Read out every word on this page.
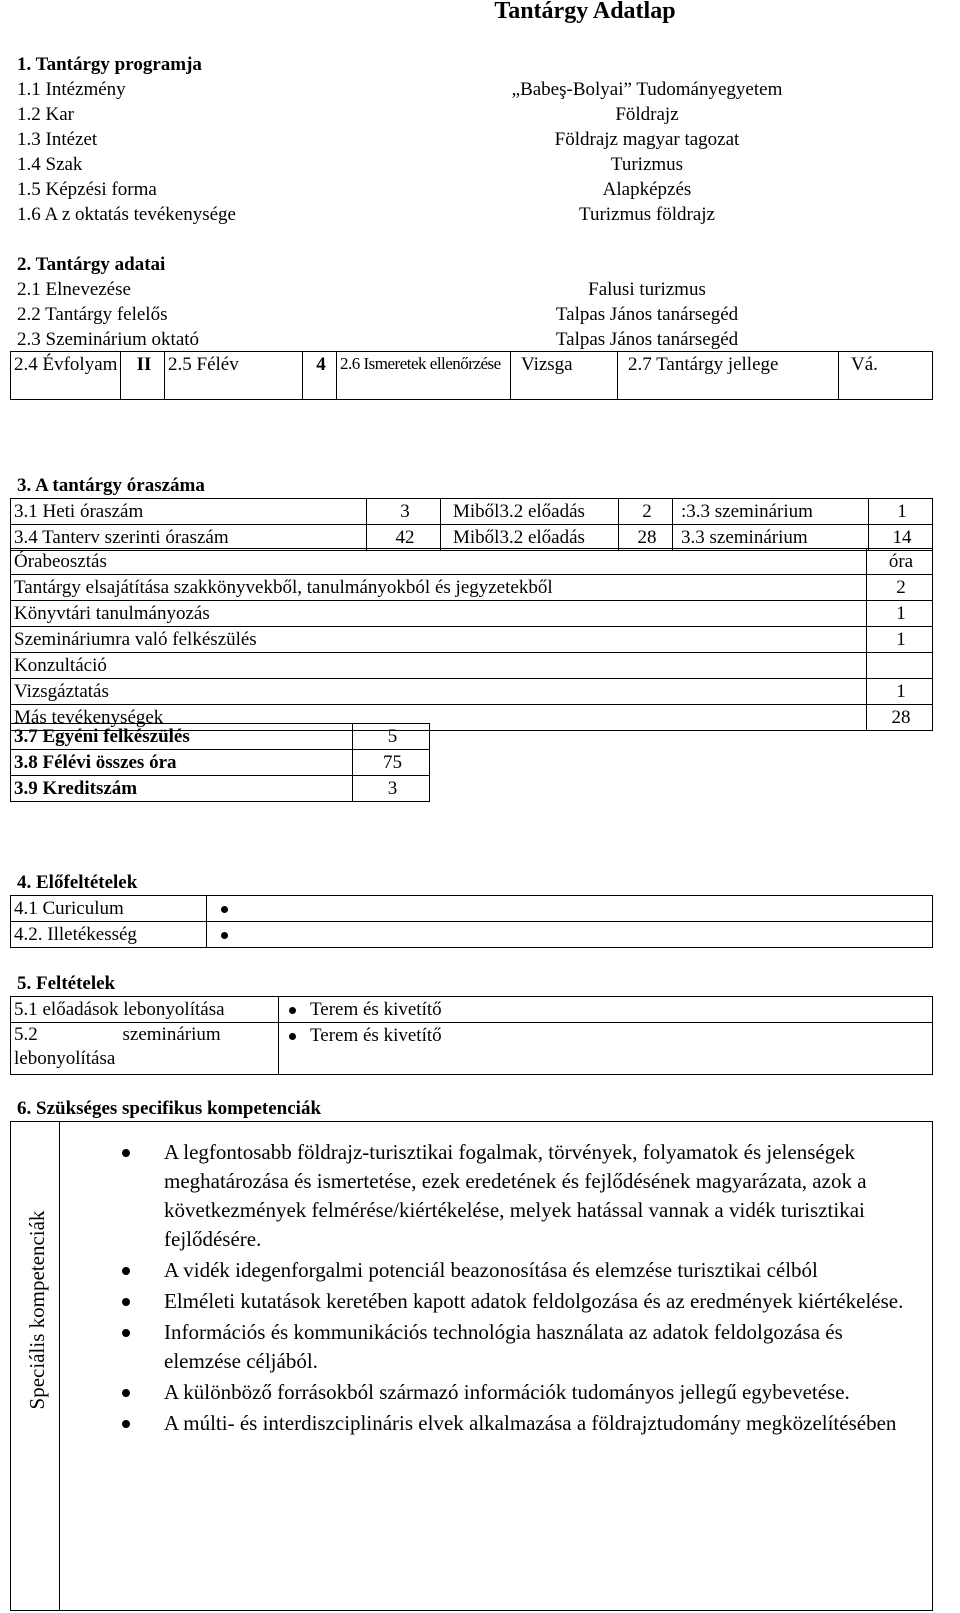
Tantárgy Adatlap
1. Tantárgy programja
1.1 Intézmény	„Babeş-Bolyai” Tudományegyetem
1.2 Kar	Földrajz
1.3 Intézet	Földrajz magyar tagozat
1.4 Szak	Turizmus
1.5 Képzési forma	Alapképzés
1.6 A z oktatás tevékenysége	Turizmus földrajz
2. Tantárgy adatai
2.1 Elnevezése	Falusi turizmus
2.2 Tantárgy felelős	Talpas János tanársegéd
2.3 Szeminárium oktató	Talpas János tanársegéd
2.4 Évfolyam	II	2.5 Félév	4	2.6 Ismeretek ellenőrzése	Vizsga	2.7 Tantárgy jellege	Vá.
3. A tantárgy óraszáma
3.1 Heti óraszám	3	Miből3.2 előadás	2	:3.3 szeminárium	1
3.4 Tanterv szerinti óraszám	42	Miből3.2 előadás	28	3.3 szeminárium	14
Órabeosztás	óra
Tantárgy elsajátítása szakkönyvekből, tanulmányokból és jegyzetekből	2
Könyvtári tanulmányozás	1
Szemináriumra való felkészülés	1
Konzultáció	
Vizsgáztatás	1
Más tevékenységek	28
3.7 Egyéni felkészülés	5
3.8 Félévi összes óra	75
3.9 Kreditszám	3
4. Előfeltételek
4.1 Curiculum	
4.2. Illetékesség	
5. Feltételek
5.1 előadások lebonyolítása	Terem és kivetítő

5.2 szeminárium lebonyolítása	Terem és kivetítő
6. Szükséges specifikus kompetenciák
Speciális kompetenciák
A legfontosabb földrajz-turisztikai fogalmak, törvények, folyamatok és jelenségek meghatározása és ismertetése, ezek eredetének és fejlődésének magyarázata, azok a következmények felmérése/kiértékelése, melyek hatással vannak a vidék turisztikai fejlődésére.
A vidék idegenforgalmi potenciál beazonosítása és elemzése turisztikai célból
Elméleti kutatások keretében kapott adatok feldolgozása és az eredmények kiértékelése.
Információs és kommunikációs technológia használata az adatok feldolgozása és elemzése céljából.
A különböző forrásokból származó információk tudományos jellegű egybevetése.
A múlti- és interdiszciplináris elvek alkalmazása a földrajztudomány megközelítésében
